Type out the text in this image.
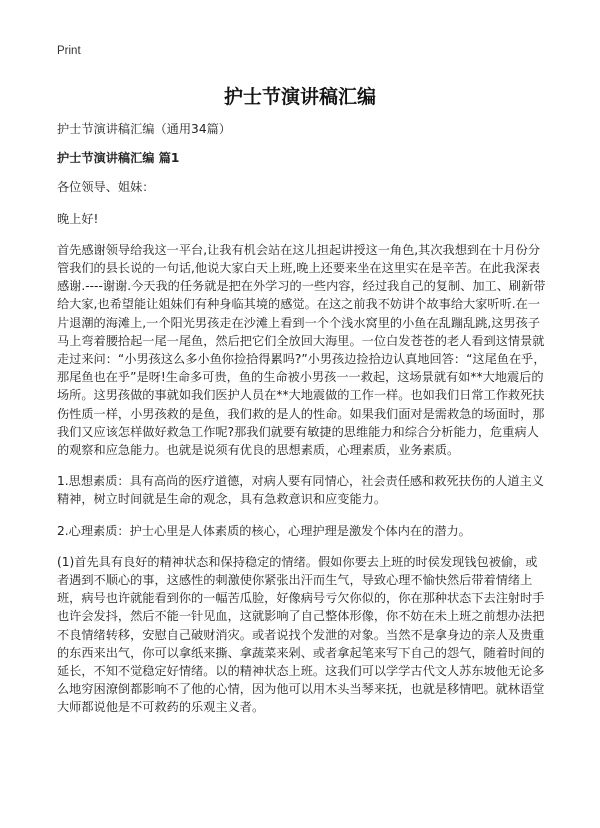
Print
护士节演讲稿汇编

护士节演讲稿汇编（通用34篇）

护士节演讲稿汇编 篇1

各位领导、姐妹：

晚上好!

首先感谢领导给我这一平台,让我有机会站在这儿担起讲授这一角色,其次我想到在十月份分管我们的县长说的一句话,他说大家白天上班,晚上还要来坐在这里实在是辛苦。在此我深表感谢.----谢谢.今天我的任务就是把在外学习的一些内容，经过我自己的复制、加工、刷新带给大家,也希望能让姐妹们有种身临其境的感觉。在这之前我不妨讲个故事给大家听听.在一片退潮的海滩上,一个阳光男孩走在沙滩上看到一个个浅水窝里的小鱼在乱蹦乱跳,这男孩子马上弯着腰拾起一尾一尾鱼，然后把它们全放回大海里。一位白发苍苍的老人看到这情景就走过来问：“小男孩这么多小鱼你捡拾得累吗?”小男孩边捡拾边认真地回答：“这尾鱼在乎，那尾鱼也在乎”是呀!生命多可贵，鱼的生命被小男孩一一救起，这场景就有如**大地震后的场所。这男孩做的事就如我们医护人员在**大地震做的工作一样。也如我们日常工作救死扶伤性质一样，小男孩救的是鱼，我们救的是人的性命。如果我们面对是需救急的场面时，那我们又应该怎样做好救急工作呢?那我们就要有敏捷的思维能力和综合分析能力，危重病人的观察和应急能力。也就是说须有优良的思想素质，心理素质，业务素质。

1.思想素质：具有高尚的医疗道德，对病人要有同情心，社会责任感和救死扶伤的人道主义精神，树立时间就是生命的观念，具有急救意识和应变能力。

2.心理素质：护士心里是人体素质的核心，心理护理是激发个体内在的潜力。

(1)首先具有良好的精神状态和保持稳定的情绪。假如你要去上班的时侯发现钱包被偷，或者遇到不顺心的事，这感性的刺激使你紧张出汗而生气，导致心理不愉快然后带着情绪上班，病号也许就能看到你的一幅苦瓜脸，好像病号亏欠你似的，你在那种状态下去注射时手也许会发抖，然后不能一针见血，这就影响了自己整体形像，你不妨在未上班之前想办法把不良情绪转移，安慰自己破财消灾。或者说找个发泄的对象。当然不是拿身边的亲人及贵重的东西来出气，你可以拿纸来撕、拿蔬菜来剁、或者拿起笔来写下自己的怨气，随着时间的延长，不知不觉稳定好情绪。以的精神状态上班。这我们可以学学古代文人苏东坡他无论多么地穷困潦倒都影响不了他的心情，因为他可以用木头当琴来抚，也就是移情吧。就林语堂大师都说他是不可救药的乐观主义者。
